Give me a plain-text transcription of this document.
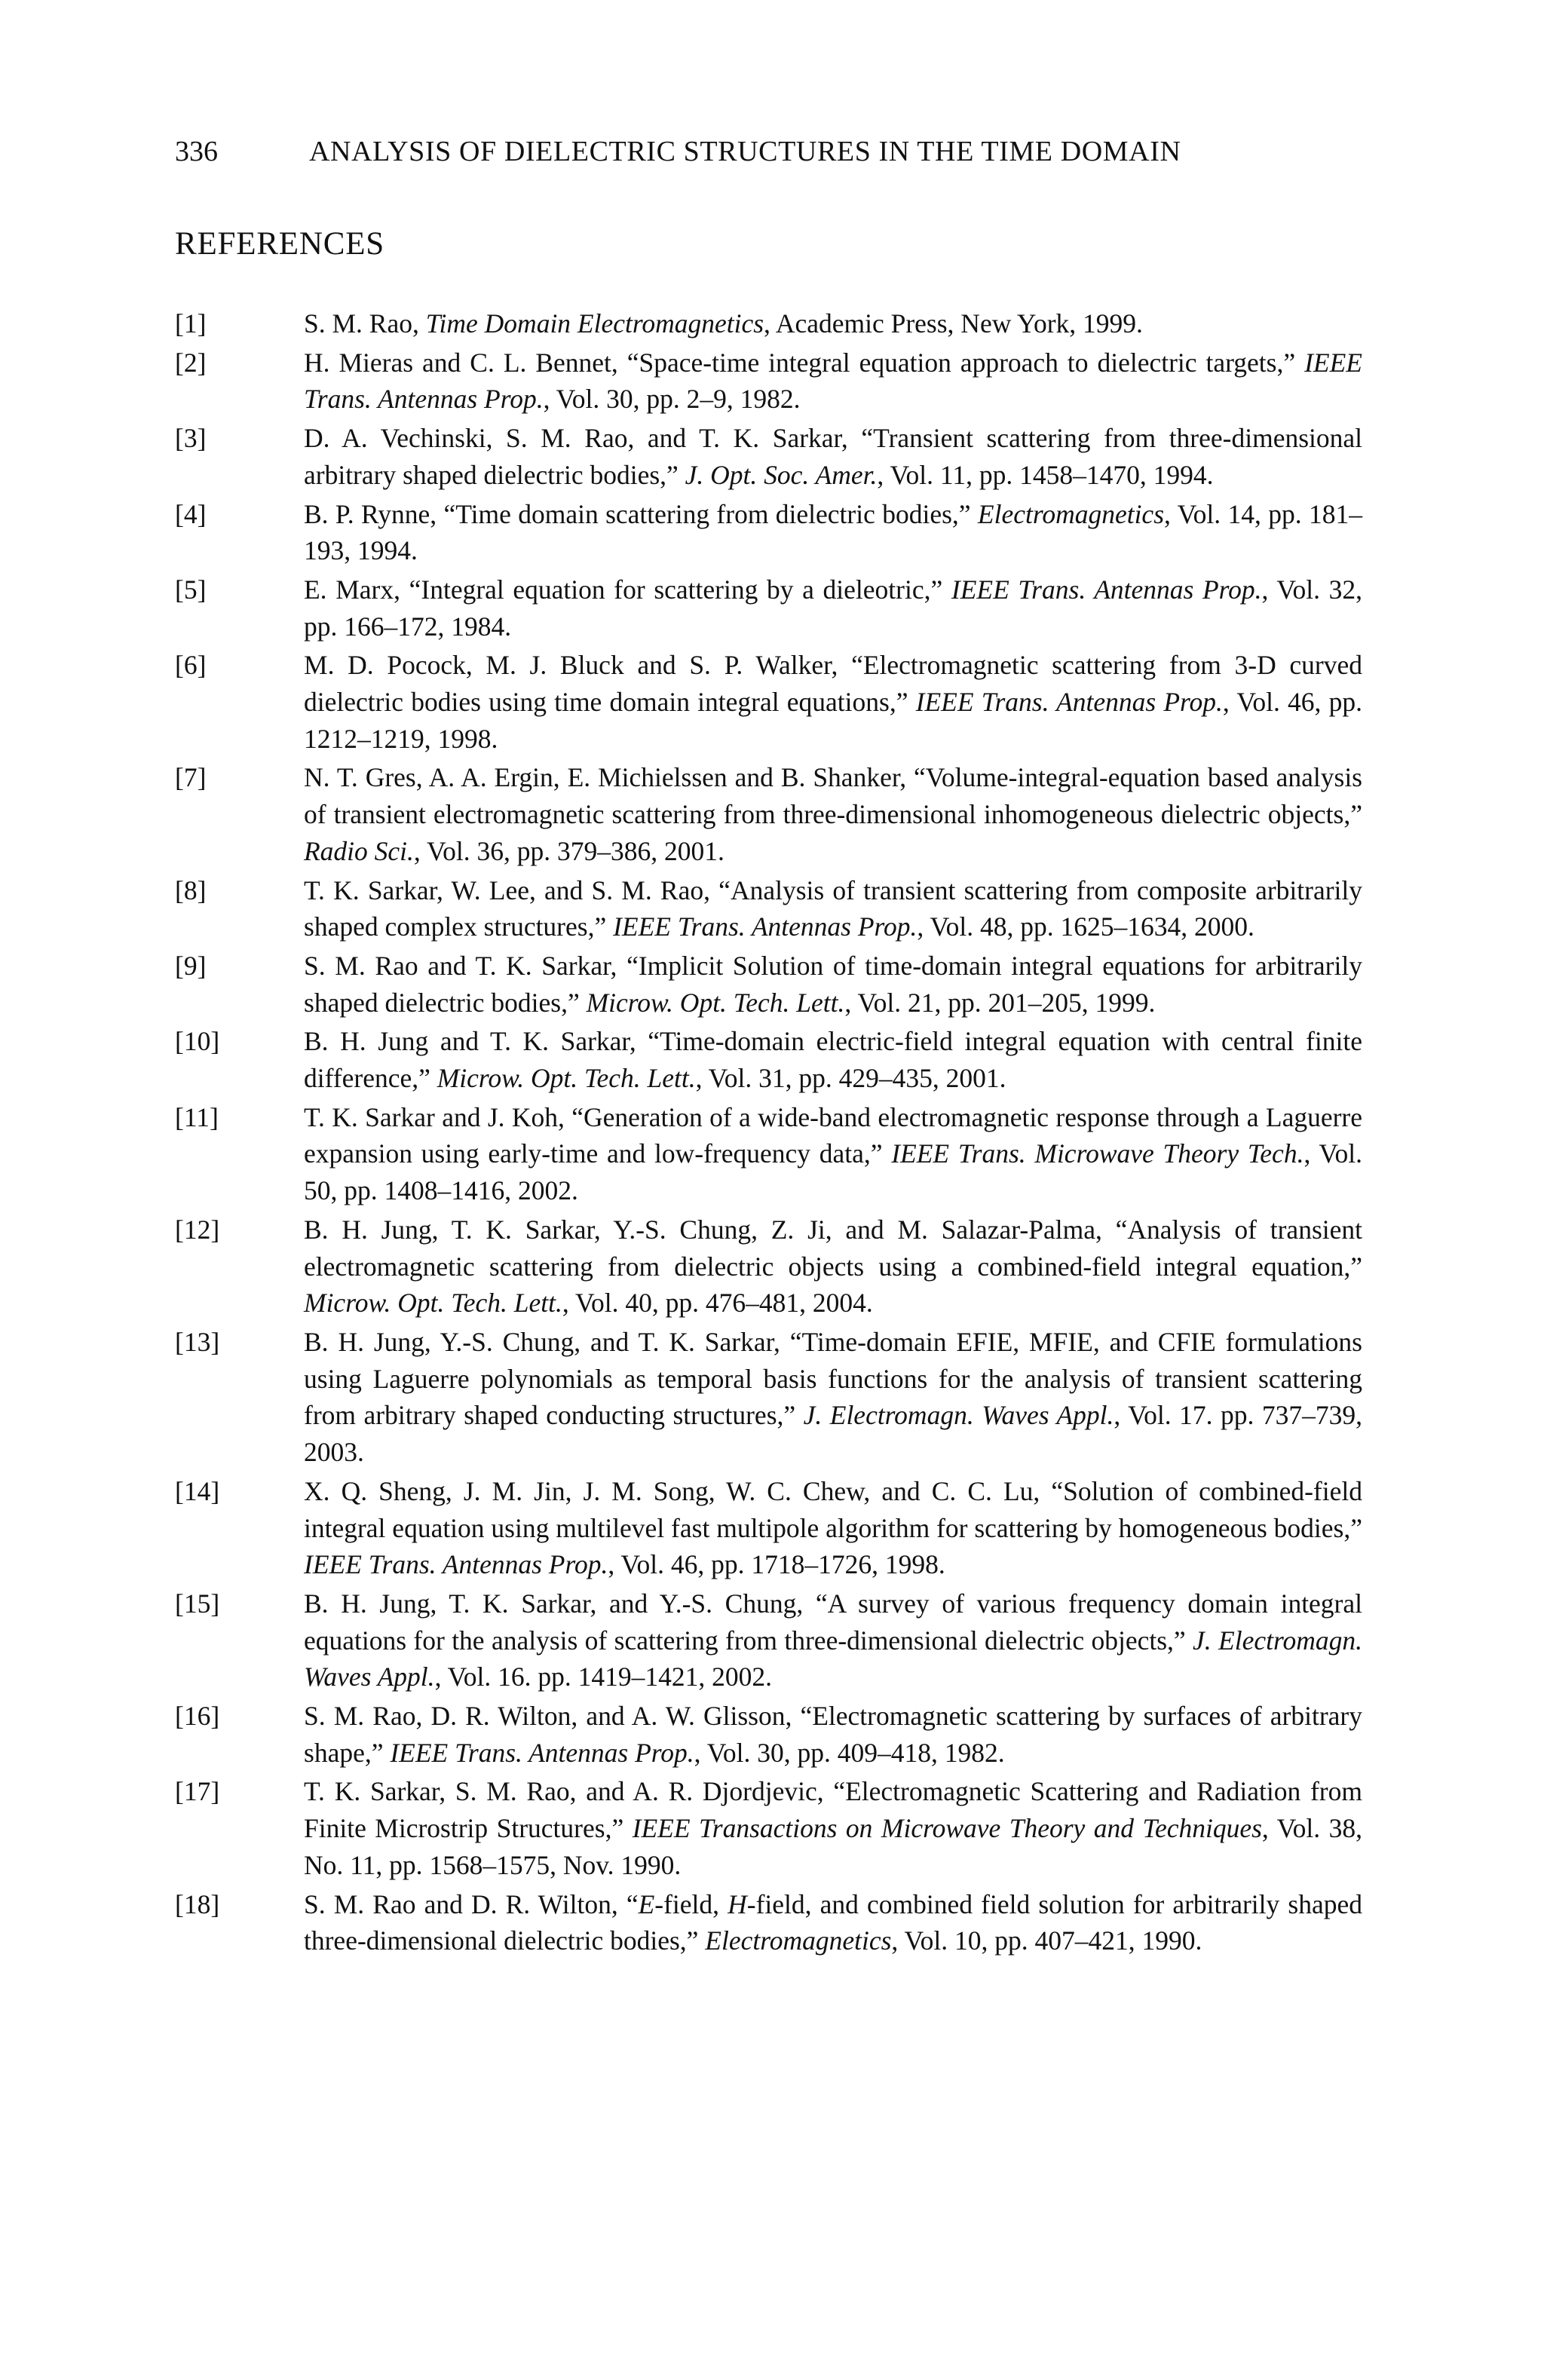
336	ANALYSIS OF DIELECTRIC STRUCTURES IN THE TIME DOMAIN
REFERENCES
[1]	S. M. Rao, Time Domain Electromagnetics, Academic Press, New York, 1999.
[2]	H. Mieras and C. L. Bennet, “Space-time integral equation approach to dielectric targets,” IEEE Trans. Antennas Prop., Vol. 30, pp. 2–9, 1982.
[3]	D. A. Vechinski, S. M. Rao, and T. K. Sarkar, “Transient scattering from three-dimensional arbitrary shaped dielectric bodies,” J. Opt. Soc. Amer., Vol. 11, pp. 1458–1470, 1994.
[4]	B. P. Rynne, “Time domain scattering from dielectric bodies,” Electromagnetics, Vol. 14, pp. 181–193, 1994.
[5]	E. Marx, “Integral equation for scattering by a dieleotric,” IEEE Trans. Antennas Prop., Vol. 32, pp. 166–172, 1984.
[6]	M. D. Pocock, M. J. Bluck and S. P. Walker, “Electromagnetic scattering from 3-D curved dielectric bodies using time domain integral equations,” IEEE Trans. Antennas Prop., Vol. 46, pp. 1212–1219, 1998.
[7]	N. T. Gres, A. A. Ergin, E. Michielssen and B. Shanker, “Volume-integral-equation based analysis of transient electromagnetic scattering from three-dimensional inhomogeneous dielectric objects,” Radio Sci., Vol. 36, pp. 379–386, 2001.
[8]	T. K. Sarkar, W. Lee, and S. M. Rao, “Analysis of transient scattering from composite arbitrarily shaped complex structures,” IEEE Trans. Antennas Prop., Vol. 48, pp. 1625–1634, 2000.
[9]	S. M. Rao and T. K. Sarkar, “Implicit Solution of time-domain integral equations for arbitrarily shaped dielectric bodies,” Microw. Opt. Tech. Lett., Vol. 21, pp. 201–205, 1999.
[10]	B. H. Jung and T. K. Sarkar, “Time-domain electric-field integral equation with central finite difference,” Microw. Opt. Tech. Lett., Vol. 31, pp. 429–435, 2001.
[11]	T. K. Sarkar and J. Koh, “Generation of a wide-band electromagnetic response through a Laguerre expansion using early-time and low-frequency data,” IEEE Trans. Microwave Theory Tech., Vol. 50, pp. 1408–1416, 2002.
[12]	B. H. Jung, T. K. Sarkar, Y.-S. Chung, Z. Ji, and M. Salazar-Palma, “Analysis of transient electromagnetic scattering from dielectric objects using a combined-field integral equation,” Microw. Opt. Tech. Lett., Vol. 40, pp. 476–481, 2004.
[13]	B. H. Jung, Y.-S. Chung, and T. K. Sarkar, “Time-domain EFIE, MFIE, and CFIE formulations using Laguerre polynomials as temporal basis functions for the analysis of transient scattering from arbitrary shaped conducting structures,” J. Electromagn. Waves Appl., Vol. 17. pp. 737–739, 2003.
[14]	X. Q. Sheng, J. M. Jin, J. M. Song, W. C. Chew, and C. C. Lu, “Solution of combined-field integral equation using multilevel fast multipole algorithm for scattering by homogeneous bodies,” IEEE Trans. Antennas Prop., Vol. 46, pp. 1718–1726, 1998.
[15]	B. H. Jung, T. K. Sarkar, and Y.-S. Chung, “A survey of various frequency domain integral equations for the analysis of scattering from three-dimensional dielectric objects,” J. Electromagn. Waves Appl., Vol. 16. pp. 1419–1421, 2002.
[16]	S. M. Rao, D. R. Wilton, and A. W. Glisson, “Electromagnetic scattering by surfaces of arbitrary shape,” IEEE Trans. Antennas Prop., Vol. 30, pp. 409–418, 1982.
[17]	T. K. Sarkar, S. M. Rao, and A. R. Djordjevic, “Electromagnetic Scattering and Radiation from Finite Microstrip Structures,” IEEE Transactions on Microwave Theory and Techniques, Vol. 38, No. 11, pp. 1568–1575, Nov. 1990.
[18]	S. M. Rao and D. R. Wilton, “E-field, H-field, and combined field solution for arbitrarily shaped three-dimensional dielectric bodies,” Electromagnetics, Vol. 10, pp. 407–421, 1990.
